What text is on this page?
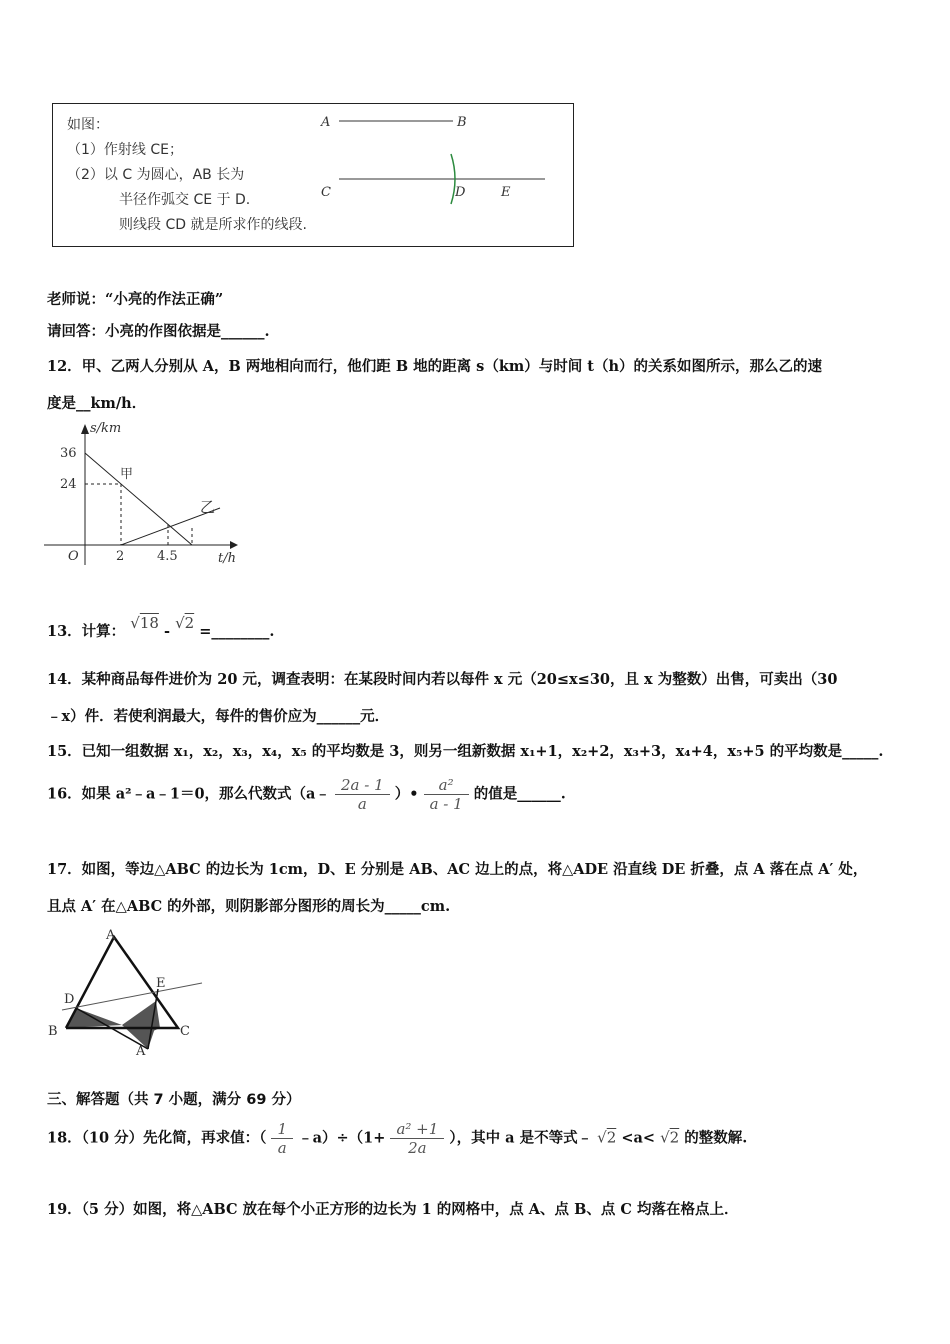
如图：
（1）作射线 CE；
（2）以 C 为圆心，AB 长为
半径作弧交 CE 于 D.
则线段 CD 就是所求作的线段.
A	B
C	D	E
老师说：“小亮的作法正确”
请回答：小亮的作图依据是______.
12．甲、乙两人分别从 A，B 两地相向而行，他们距 B 地的距离 s（km）与时间 t（h）的关系如图所示，那么乙的速
度是__km/h．
s/km
36
24
O	2	4.5	t/h
甲
乙
13．计算： √18 - √2 =________.
14．某种商品每件进价为 20 元，调查表明：在某段时间内若以每件 x 元（20≤x≤30，且 x 为整数）出售，可卖出（30
﹣x）件．若使利润最大，每件的售价应为______元．
15．已知一组数据 x₁，x₂，x₃，x₄，x₅ 的平均数是 3，则另一组新数据 x₁+1，x₂+2，x₃+3，x₄+4，x₅+5 的平均数是_____.
16．如果 a²﹣a﹣1＝0，那么代数式（a﹣ $\frac{2a - 1}{a}$ ）• $\frac{\text{a²}}{a - 1}$ 的值是______.
17．如图，等边△ABC 的边长为 1cm，D、E 分别是 AB、AC 边上的点，将△ADE 沿直线 DE 折叠，点 A 落在点 A′ 处，
且点 A′ 在△ABC 的外部，则阴影部分图形的周长为_____cm.
A
B	C
D
E
A′
三、解答题（共 7 小题，满分 69 分）
18．（10 分）先化简，再求值：（ $\frac{1}{a}$ ﹣a）÷（1+ $\frac{\text{a² +1}}{2a}$ ），其中 a 是不等式﹣ √2 <a< √2 的整数解.
19．（5 分）如图，将△ABC 放在每个小正方形的边长为 1 的网格中，点 A、点 B、点 C 均落在格点上．
